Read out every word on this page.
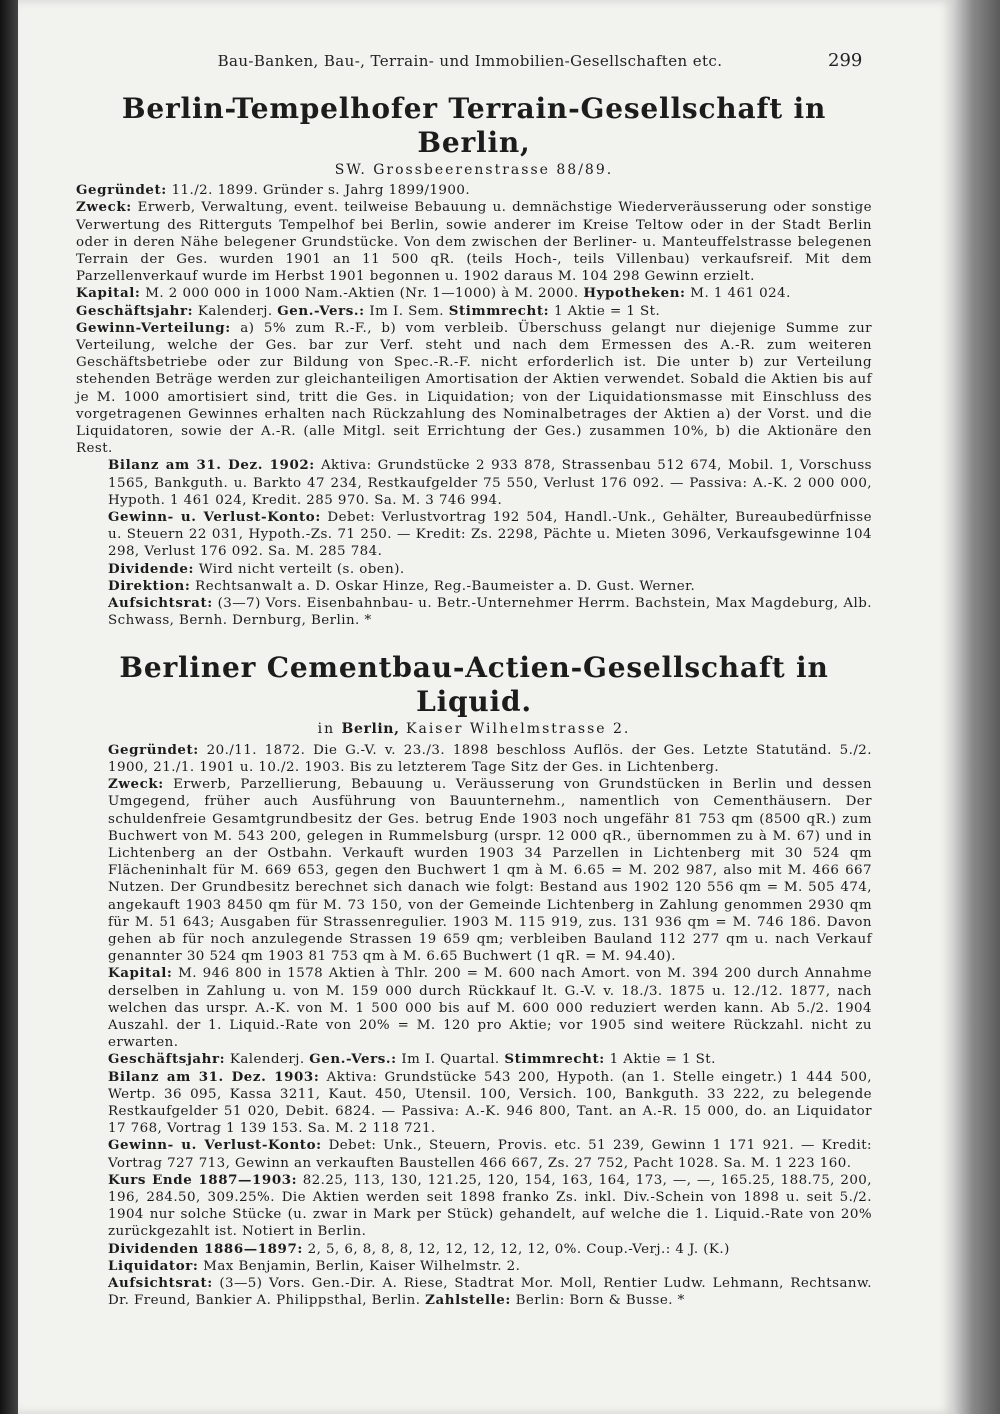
Bau-Banken, Bau-, Terrain- und Immobilien-Gesellschaften etc.	299
Berlin-Tempelhofer Terrain-Gesellschaft in Berlin,

SW. Grossbeerenstrasse 88/89.

Gegründet: 11./2. 1899. Gründer s. Jahrg 1899/1900.

Zweck: Erwerb, Verwaltung, event. teilweise Bebauung u. demnächstige Wiederveräusserung oder sonstige Verwertung des Ritterguts Tempelhof bei Berlin, sowie anderer im Kreise Teltow oder in der Stadt Berlin oder in deren Nähe belegener Grundstücke. Von dem zwischen der Berliner- u. Manteuffelstrasse belegenen Terrain der Ges. wurden 1901 an 11 500 qR. (teils Hoch-, teils Villenbau) verkaufsreif. Mit dem Parzellenverkauf wurde im Herbst 1901 begonnen u. 1902 daraus M. 104 298 Gewinn erzielt.

Kapital: M. 2 000 000 in 1000 Nam.-Aktien (Nr. 1—1000) à M. 2000. Hypotheken: M. 1 461 024.

Geschäftsjahr: Kalenderj. Gen.-Vers.: Im I. Sem. Stimmrecht: 1 Aktie = 1 St.

Gewinn-Verteilung: a) 5% zum R.-F., b) vom verbleib. Überschuss gelangt nur diejenige Summe zur Verteilung, welche der Ges. bar zur Verf. steht und nach dem Ermessen des A.-R. zum weiteren Geschäftsbetriebe oder zur Bildung von Spec.-R.-F. nicht erforderlich ist. Die unter b) zur Verteilung stehenden Beträge werden zur gleichanteiligen Amortisation der Aktien verwendet. Sobald die Aktien bis auf je M. 1000 amortisiert sind, tritt die Ges. in Liquidation; von der Liquidationsmasse mit Einschluss des vorgetragenen Gewinnes erhalten nach Rückzahlung des Nominalbetrages der Aktien a) der Vorst. und die Liquidatoren, sowie der A.-R. (alle Mitgl. seit Errichtung der Ges.) zusammen 10%, b) die Aktionäre den Rest.

Bilanz am 31. Dez. 1902: Aktiva: Grundstücke 2 933 878, Strassenbau 512 674, Mobil. 1, Vorschuss 1565, Bankguth. u. Barkto 47 234, Restkaufgelder 75 550, Verlust 176 092. — Passiva: A.-K. 2 000 000, Hypoth. 1 461 024, Kredit. 285 970. Sa. M. 3 746 994.

Gewinn- u. Verlust-Konto: Debet: Verlustvortrag 192 504, Handl.-Unk., Gehälter, Bureaubedürfnisse u. Steuern 22 031, Hypoth.-Zs. 71 250. — Kredit: Zs. 2298, Pächte u. Mieten 3096, Verkaufsgewinne 104 298, Verlust 176 092. Sa. M. 285 784.

Dividende: Wird nicht verteilt (s. oben).

Direktion: Rechtsanwalt a. D. Oskar Hinze, Reg.-Baumeister a. D. Gust. Werner.

Aufsichtsrat: (3—7) Vors. Eisenbahnbau- u. Betr.-Unternehmer Herrm. Bachstein, Max Magdeburg, Alb. Schwass, Bernh. Dernburg, Berlin. *

Berliner Cementbau-Actien-Gesellschaft in Liquid.

in Berlin, Kaiser Wilhelmstrasse 2.

Gegründet: 20./11. 1872. Die G.-V. v. 23./3. 1898 beschloss Auflös. der Ges. Letzte Statutänd. 5./2. 1900, 21./1. 1901 u. 10./2. 1903. Bis zu letzterem Tage Sitz der Ges. in Lichtenberg.

Zweck: Erwerb, Parzellierung, Bebauung u. Veräusserung von Grundstücken in Berlin und dessen Umgegend, früher auch Ausführung von Bauunternehm., namentlich von Cementhäusern. Der schuldenfreie Gesamtgrundbesitz der Ges. betrug Ende 1903 noch ungefähr 81 753 qm (8500 qR.) zum Buchwert von M. 543 200, gelegen in Rummelsburg (urspr. 12 000 qR., übernommen zu à M. 67) und in Lichtenberg an der Ostbahn. Verkauft wurden 1903 34 Parzellen in Lichtenberg mit 30 524 qm Flächeninhalt für M. 669 653, gegen den Buchwert 1 qm à M. 6.65 = M. 202 987, also mit M. 466 667 Nutzen. Der Grundbesitz berechnet sich danach wie folgt: Bestand aus 1902 120 556 qm = M. 505 474, angekauft 1903 8450 qm für M. 73 150, von der Gemeinde Lichtenberg in Zahlung genommen 2930 qm für M. 51 643; Ausgaben für Strassenregulier. 1903 M. 115 919, zus. 131 936 qm = M. 746 186. Davon gehen ab für noch anzulegende Strassen 19 659 qm; verbleiben Bauland 112 277 qm u. nach Verkauf genannter 30 524 qm 1903 81 753 qm à M. 6.65 Buchwert (1 qR. = M. 94.40).

Kapital: M. 946 800 in 1578 Aktien à Thlr. 200 = M. 600 nach Amort. von M. 394 200 durch Annahme derselben in Zahlung u. von M. 159 000 durch Rückkauf lt. G.-V. v. 18./3. 1875 u. 12./12. 1877, nach welchen das urspr. A.-K. von M. 1 500 000 bis auf M. 600 000 reduziert werden kann. Ab 5./2. 1904 Auszahl. der 1. Liquid.-Rate von 20% = M. 120 pro Aktie; vor 1905 sind weitere Rückzahl. nicht zu erwarten.

Geschäftsjahr: Kalenderj. Gen.-Vers.: Im I. Quartal. Stimmrecht: 1 Aktie = 1 St.

Bilanz am 31. Dez. 1903: Aktiva: Grundstücke 543 200, Hypoth. (an 1. Stelle eingetr.) 1 444 500, Wertp. 36 095, Kassa 3211, Kaut. 450, Utensil. 100, Versich. 100, Bankguth. 33 222, zu belegende Restkaufgelder 51 020, Debit. 6824. — Passiva: A.-K. 946 800, Tant. an A.-R. 15 000, do. an Liquidator 17 768, Vortrag 1 139 153. Sa. M. 2 118 721.

Gewinn- u. Verlust-Konto: Debet: Unk., Steuern, Provis. etc. 51 239, Gewinn 1 171 921. — Kredit: Vortrag 727 713, Gewinn an verkauften Baustellen 466 667, Zs. 27 752, Pacht 1028. Sa. M. 1 223 160.

Kurs Ende 1887—1903: 82.25, 113, 130, 121.25, 120, 154, 163, 164, 173, —, —, 165.25, 188.75, 200, 196, 284.50, 309.25%. Die Aktien werden seit 1898 franko Zs. inkl. Div.-Schein von 1898 u. seit 5./2. 1904 nur solche Stücke (u. zwar in Mark per Stück) gehandelt, auf welche die 1. Liquid.-Rate von 20% zurückgezahlt ist. Notiert in Berlin.

Dividenden 1886—1897: 2, 5, 6, 8, 8, 8, 12, 12, 12, 12, 12, 0%. Coup.-Verj.: 4 J. (K.)

Liquidator: Max Benjamin, Berlin, Kaiser Wilhelmstr. 2.

Aufsichtsrat: (3—5) Vors. Gen.-Dir. A. Riese, Stadtrat Mor. Moll, Rentier Ludw. Lehmann, Rechtsanw. Dr. Freund, Bankier A. Philippsthal, Berlin. Zahlstelle: Berlin: Born & Busse. *
